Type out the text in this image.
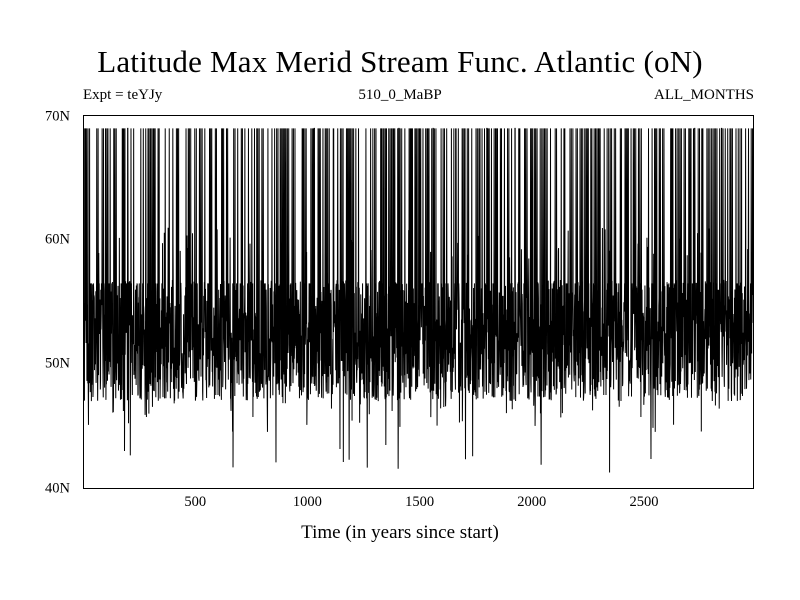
Latitude Max Merid Stream Func. Atlantic (oN)
Expt = teYJy	510_0_MaBP	ALL_MONTHS
40N
50N
60N
70N
500	1000	1500	2000	2500
Time (in years since start)
